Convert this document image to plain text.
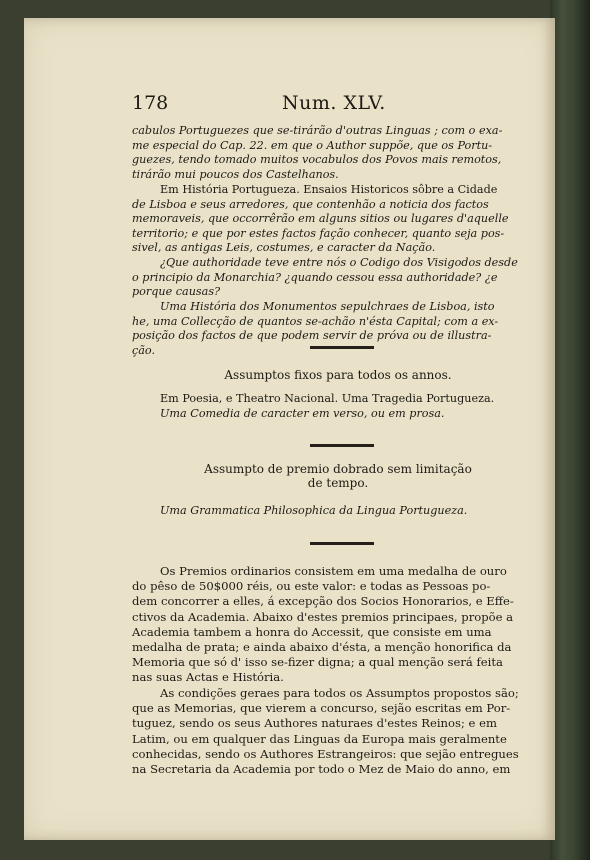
178	Num. XLV.

cabulos Portuguezes que se-tirárão d'outras Linguas ; com o exa-

me especial do Cap. 22. em que o Author suppõe, que os Portu-

guezes, tendo tomado muitos vocabulos dos Povos mais remotos,

tirárão mui poucos dos Castelhanos.

Em História Portugueza. Ensaios Historicos sôbre a Cidade

de Lisboa e seus arredores, que contenhão a noticia dos factos

memoraveis, que occorrêrão em alguns sitios ou lugares d'aquelle

territorio; e que por estes factos fação conhecer, quanto seja pos-

sivel, as antigas Leis, costumes, e caracter da Nação.

¿Que authoridade teve entre nós o Codigo dos Visigodos desde

o principio da Monarchia? ¿quando cessou essa authoridade? ¿e

porque causas?

Uma História dos Monumentos sepulchraes de Lisboa, isto

he, uma Collecção de quantos se-achão n'ésta Capital; com a ex-

posição dos factos de que podem servir de próva ou de illustra-

ção.

Assumptos fixos para todos os annos.

Em Poesia, e Theatro Nacional. Uma Tragedia Portugueza.

Uma Comedia de caracter em verso, ou em prosa.

Assumpto de premio dobrado sem limitação
de tempo.

Uma Grammatica Philosophica da Lingua Portugueza.

Os Premios ordinarios consistem em uma medalha de ouro

do pêso de 50$000 réis, ou este valor: e todas as Pessoas po-

dem concorrer a elles, á excepção dos Socios Honorarios, e Effe-

ctivos da Academia. Abaixo d'estes premios principaes, propõe a

Academia tambem a honra do Accessit, que consiste em uma

medalha de prata; e ainda abaixo d'ésta, a menção honorifica da

Memoria que só d' isso se-fizer digna; a qual menção será feita

nas suas Actas e História.

As condições geraes para todos os Assumptos propostos são;

que as Memorias, que vierem a concurso, sejão escritas em Por-

tuguez, sendo os seus Authores naturaes d'estes Reinos; e em

Latim, ou em qualquer das Linguas da Europa mais geralmente

conhecidas, sendo os Authores Estrangeiros: que sejão entregues

na Secretaria da Academia por todo o Mez de Maio do anno, em
